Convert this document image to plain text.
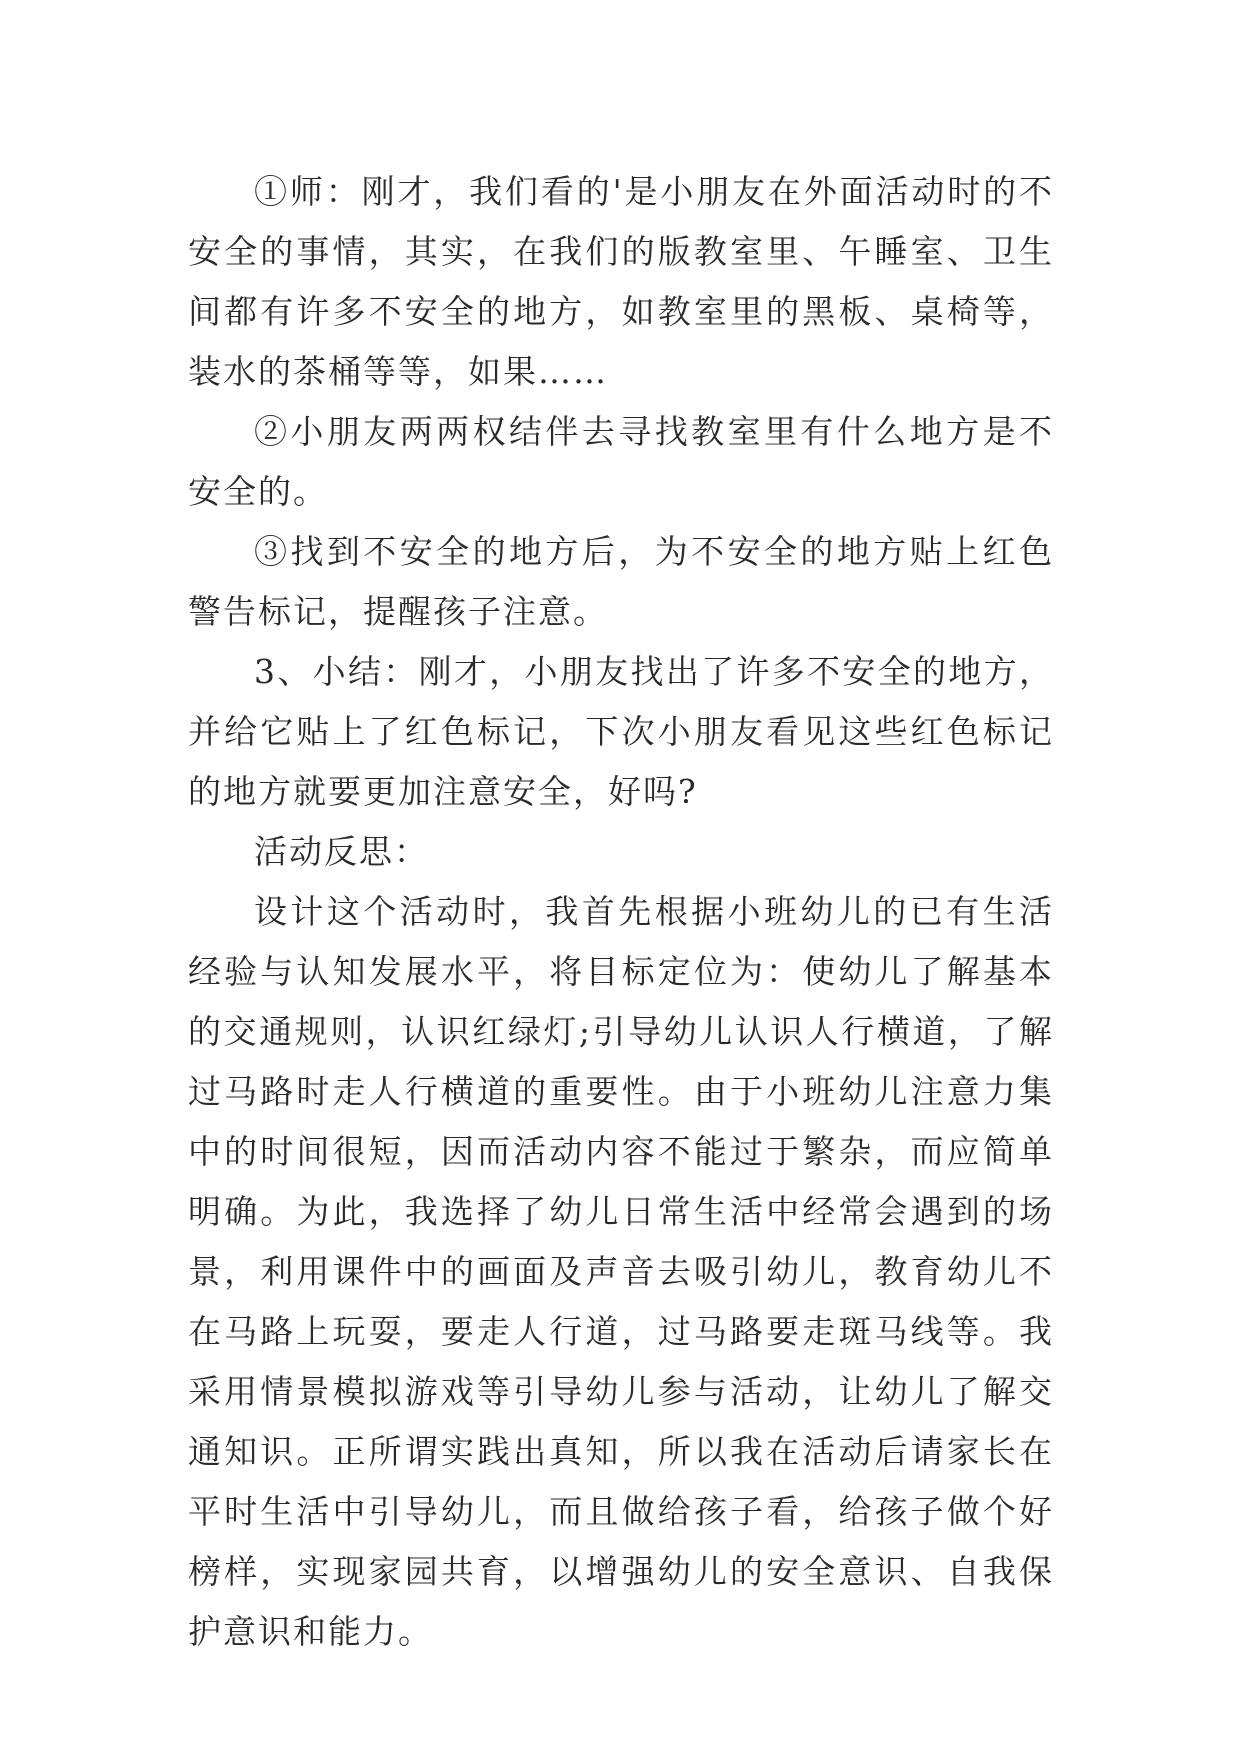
①师：刚才，我们看的'是小朋友在外面活动时的不安全的事情，其实，在我们的版教室里、午睡室、卫生间都有许多不安全的地方，如教室里的黑板、桌椅等，装水的茶桶等等，如果……

②小朋友两两权结伴去寻找教室里有什么地方是不安全的。

③找到不安全的地方后，为不安全的地方贴上红色警告标记，提醒孩子注意。

3、小结：刚才，小朋友找出了许多不安全的地方，并给它贴上了红色标记，下次小朋友看见这些红色标记的地方就要更加注意安全，好吗?

活动反思：

设计这个活动时，我首先根据小班幼儿的已有生活经验与认知发展水平，将目标定位为：使幼儿了解基本的交通规则，认识红绿灯;引导幼儿认识人行横道，了解过马路时走人行横道的重要性。由于小班幼儿注意力集中的时间很短，因而活动内容不能过于繁杂，而应简单明确。为此，我选择了幼儿日常生活中经常会遇到的场景，利用课件中的画面及声音去吸引幼儿，教育幼儿不在马路上玩耍，要走人行道，过马路要走斑马线等。我采用情景模拟游戏等引导幼儿参与活动，让幼儿了解交通知识。正所谓实践出真知，所以我在活动后请家长在平时生活中引导幼儿，而且做给孩子看，给孩子做个好榜样，实现家园共育，以增强幼儿的安全意识、自我保护意识和能力。
